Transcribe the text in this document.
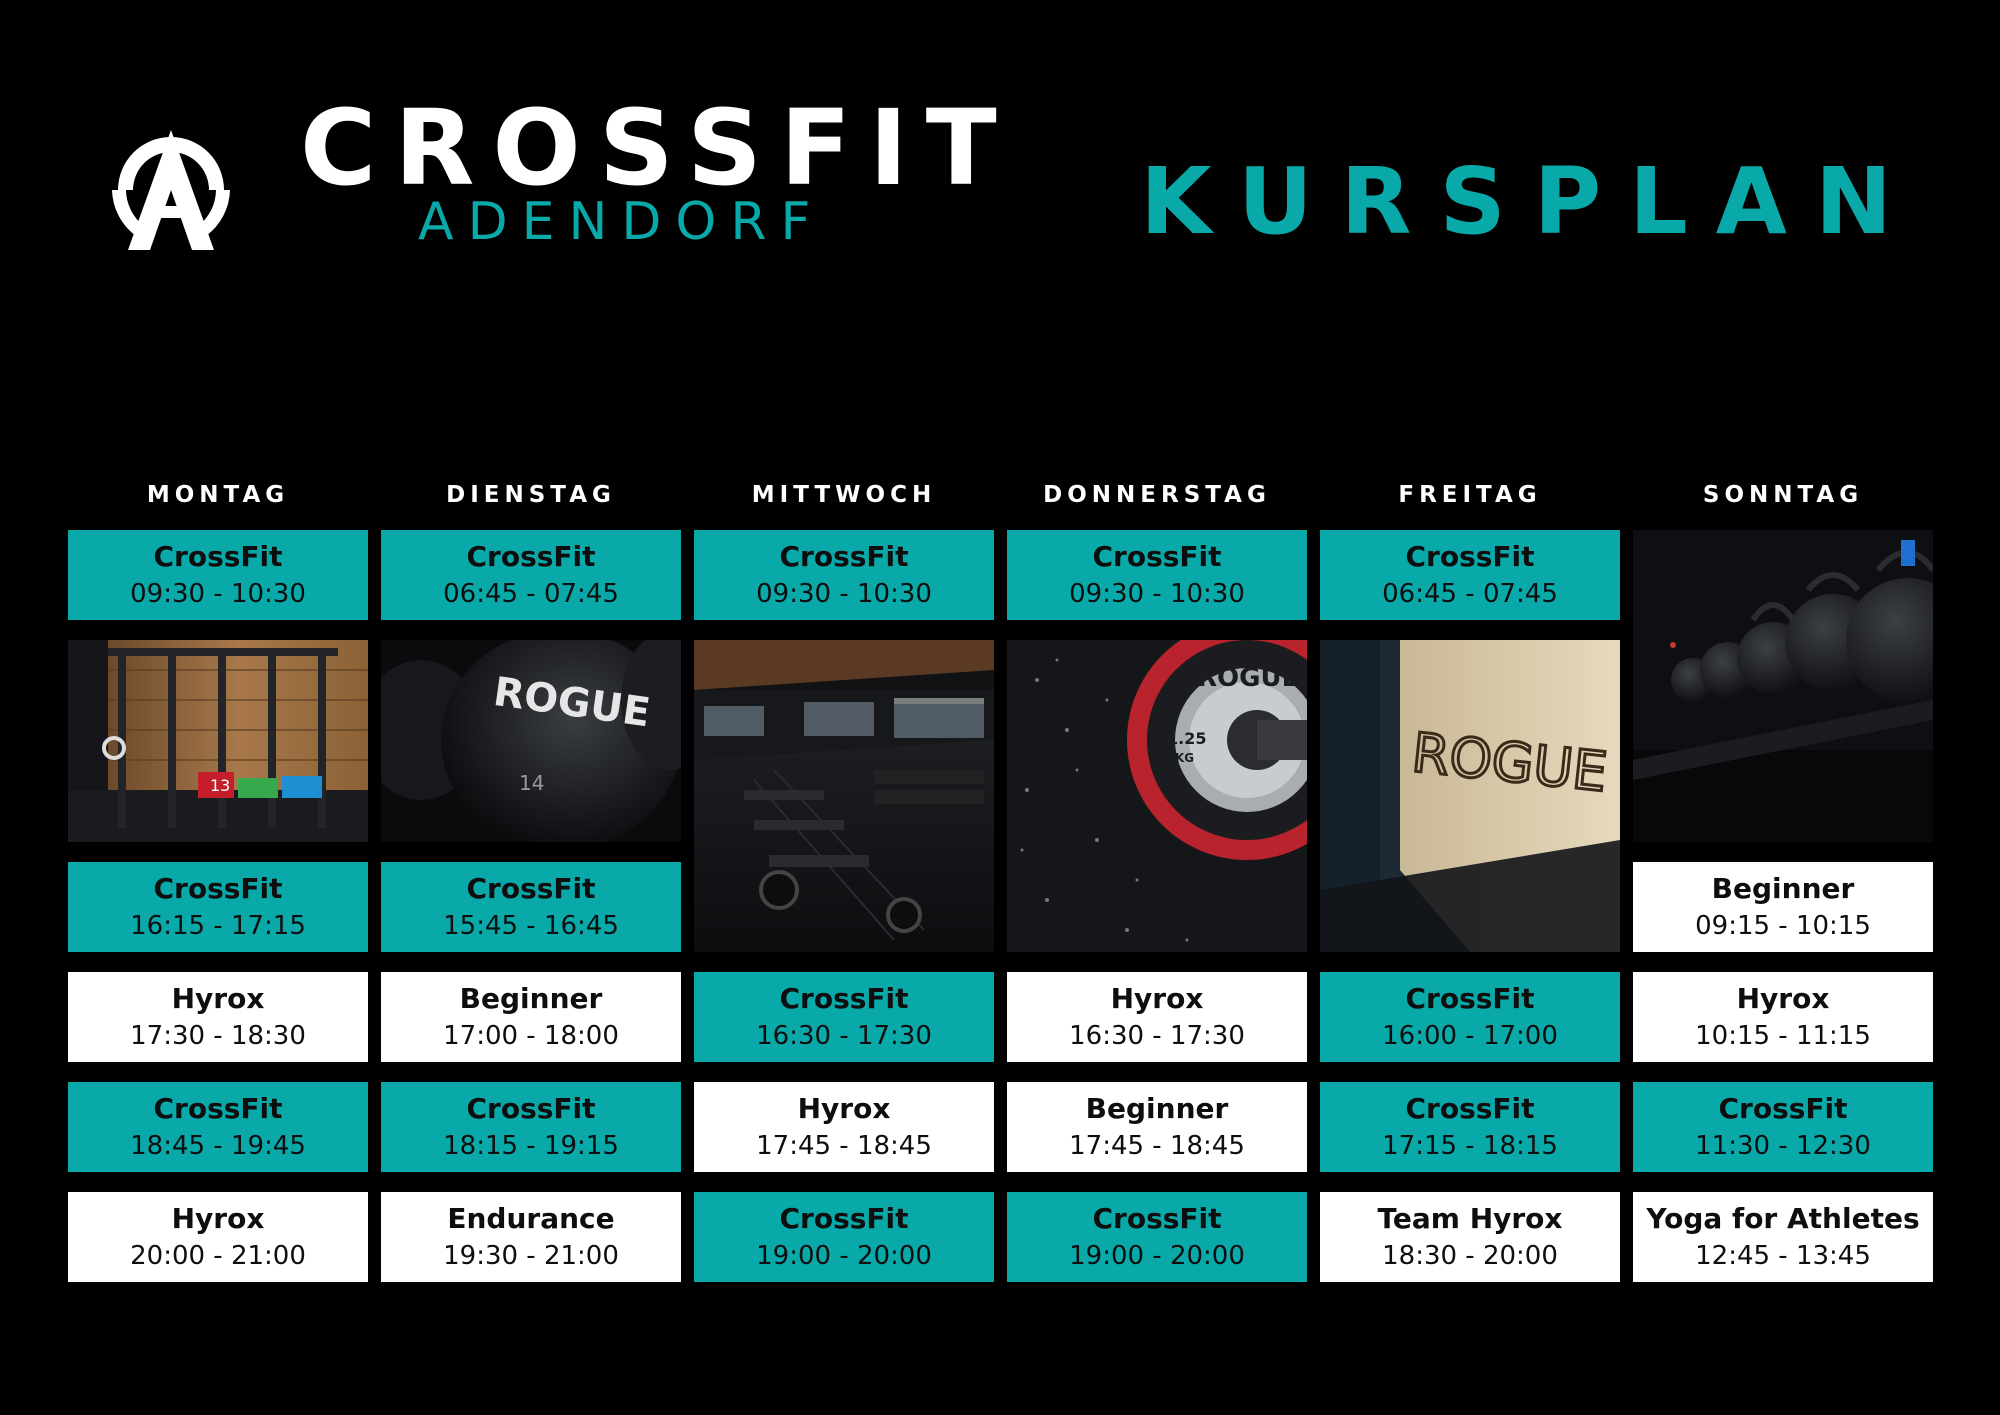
CROSSFIT
ADENDORF	KURSPLAN
MONTAG
CrossFit
09:30 - 10:30
13
CrossFit
16:15 - 17:15
Hyrox
17:30 - 18:30
CrossFit
18:45 - 19:45
Hyrox
20:00 - 21:00
DIENSTAG
CrossFit
06:45 - 07:45
ROGUE
14
CrossFit
15:45 - 16:45
Beginner
17:00 - 18:00
CrossFit
18:15 - 19:15
Endurance
19:30 - 21:00
MITTWOCH
CrossFit
09:30 - 10:30
CrossFit
16:30 - 17:30
Hyrox
17:45 - 18:45
CrossFit
19:00 - 20:00
DONNERSTAG
CrossFit
09:30 - 10:30
ROGUE
1.25
KG
Hyrox
16:30 - 17:30
Beginner
17:45 - 18:45
CrossFit
19:00 - 20:00
FREITAG
CrossFit
06:45 - 07:45
ROGUE
CrossFit
16:00 - 17:00
CrossFit
17:15 - 18:15
Team Hyrox
18:30 - 20:00
SONNTAG
Beginner
09:15 - 10:15
Hyrox
10:15 - 11:15
CrossFit
11:30 - 12:30
Yoga for Athletes
12:45 - 13:45
